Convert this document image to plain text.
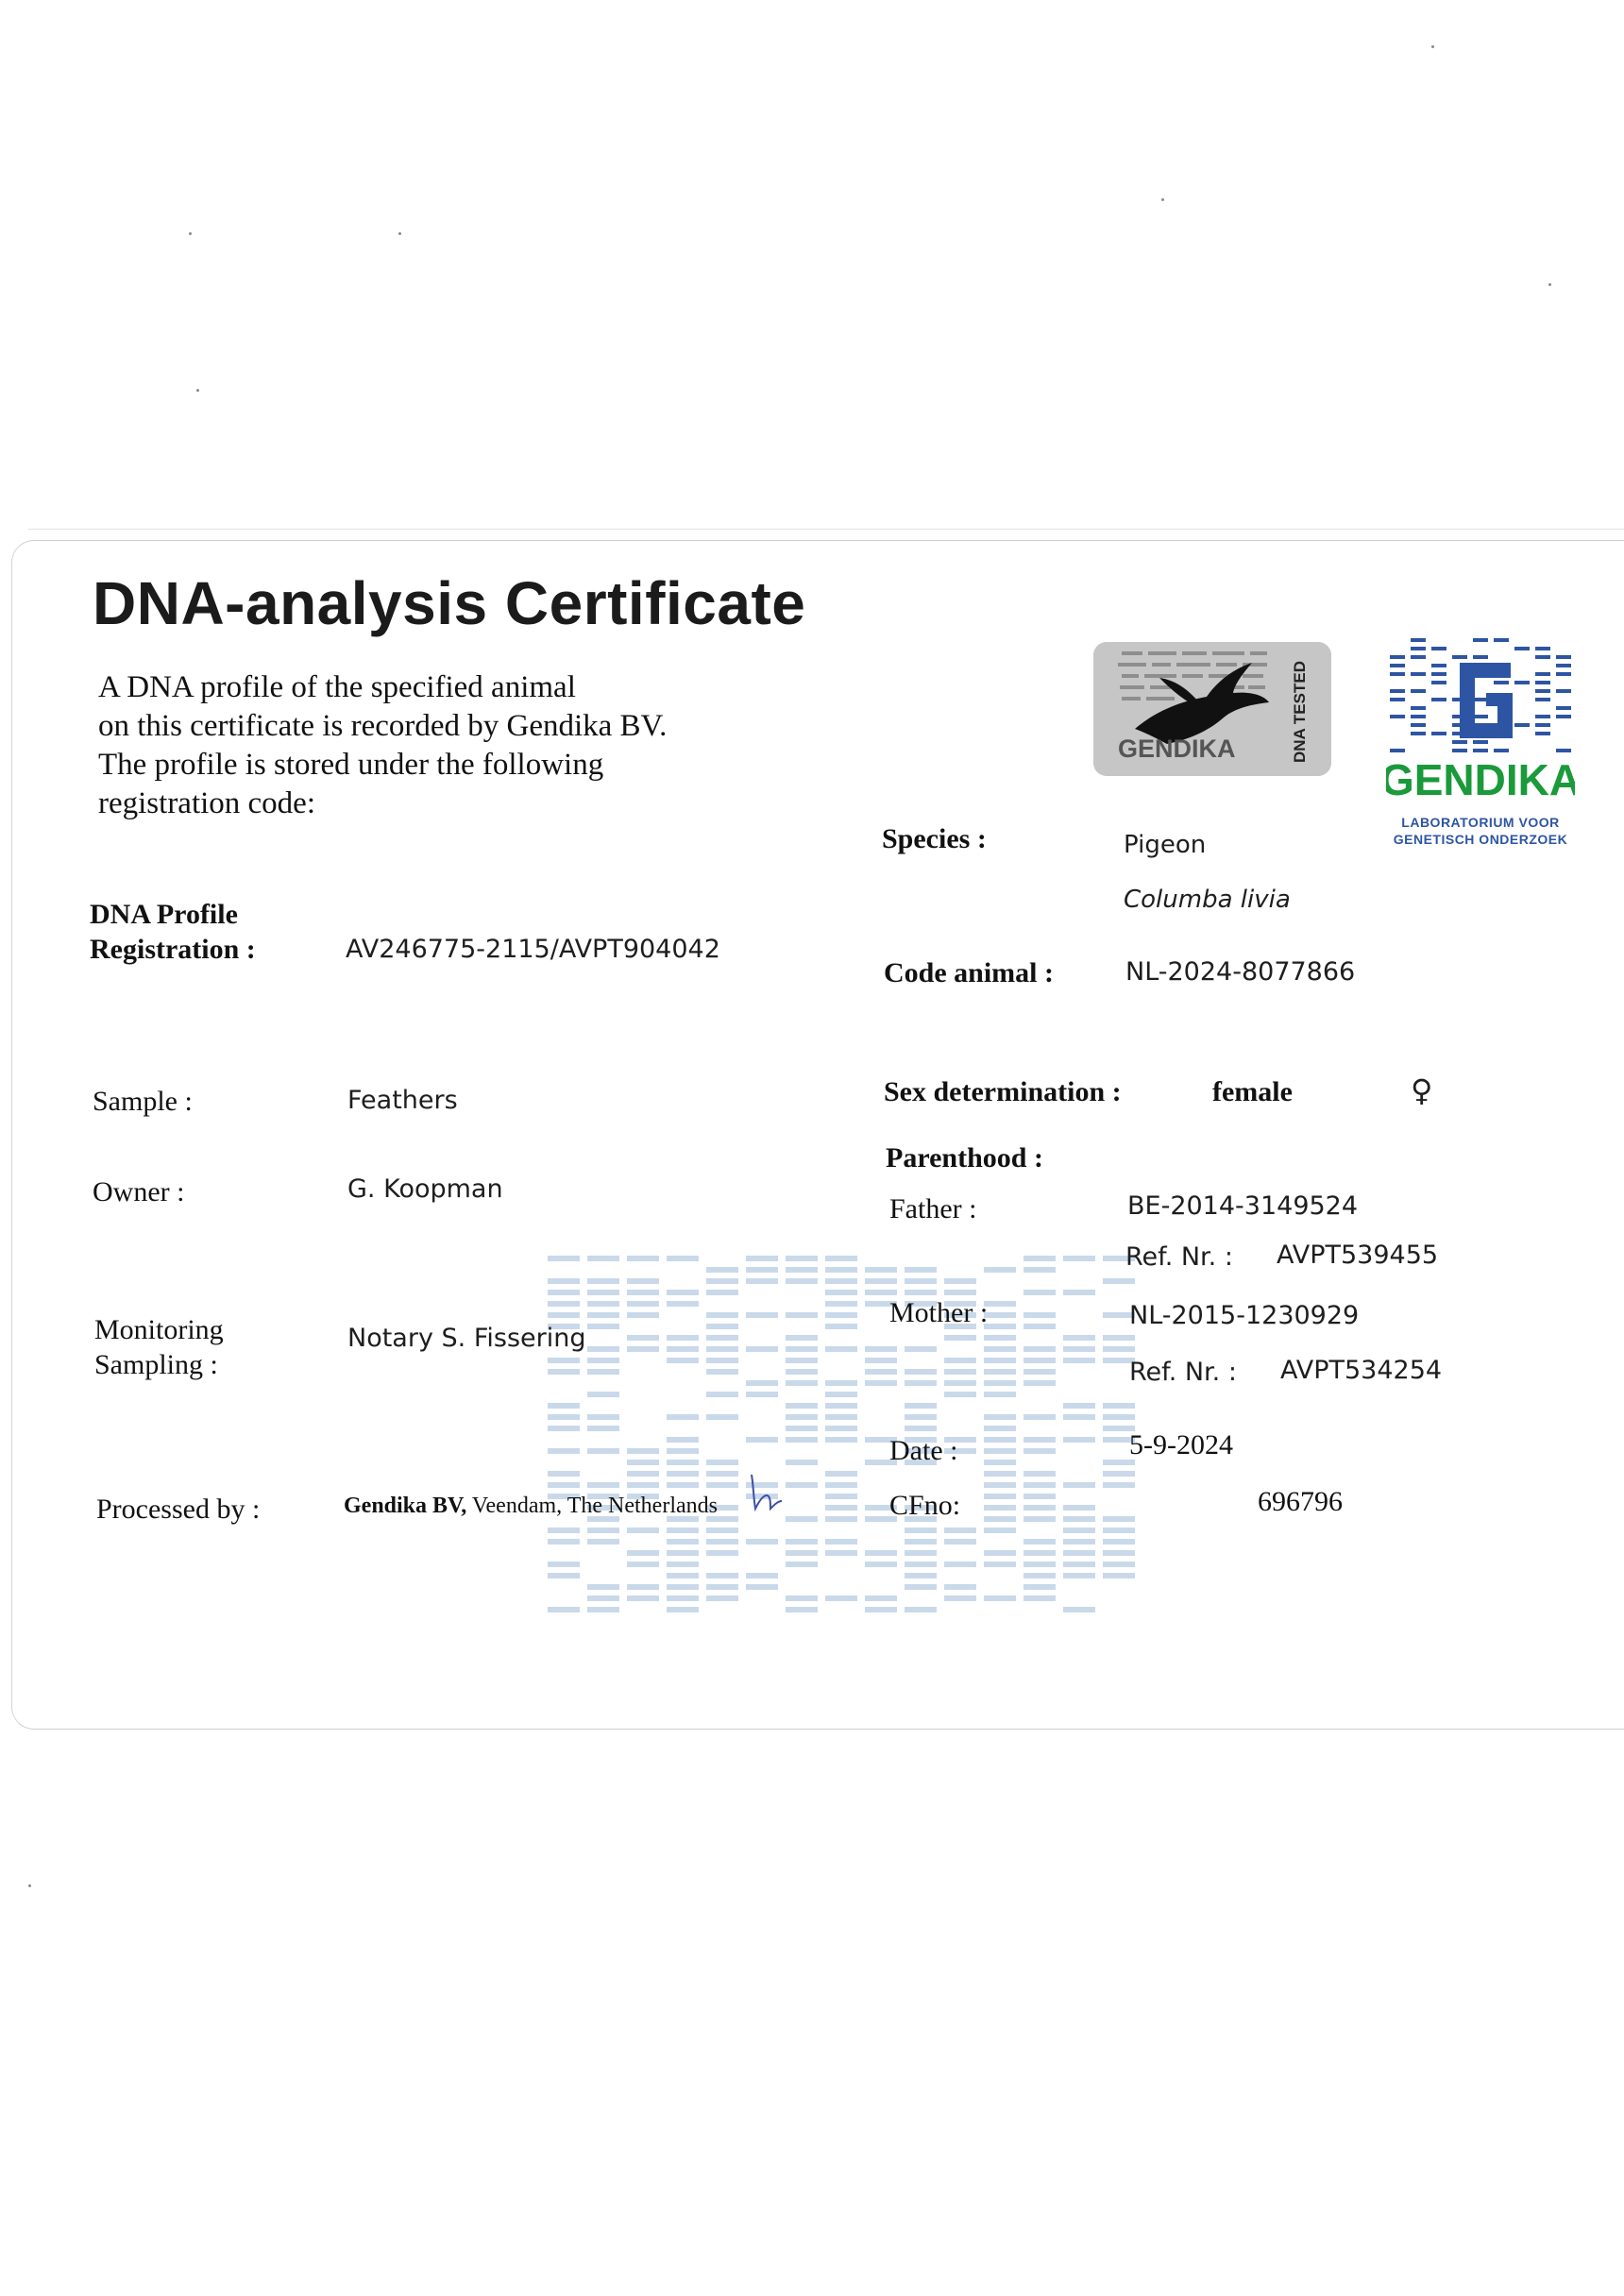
DNA-analysis Certificate

A DNA profile of the specified animal
on this certificate is recorded by Gendika BV.
The profile is stored under the following
registration code:

GENDIKA	DNA TESTED
GENDIKA
LABORATORIUM VOOR
GENETISCH ONDERZOEK
DNA Profile
Registration :	AV246775-2115/AVPT904042
Sample :	Feathers
Owner :	G. Koopman
Monitoring
Sampling :
Notary S. Fissering
Processed by :	Gendika BV, Veendam, The Netherlands
Species :	Pigeon
Columba livia
Code animal :	NL-2024-8077866
Sex determination :	female	♀
Parenthood :
Father :	BE-2014-3149524
Ref. Nr. : AVPT539455
Mother :	NL-2015-1230929
Ref. Nr. : AVPT534254
Date :	5-9-2024
CFno:	696796
